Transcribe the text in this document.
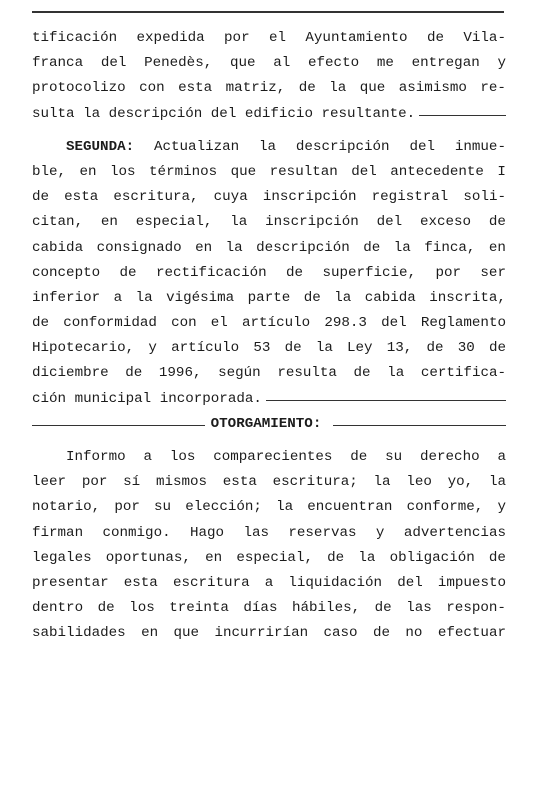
tificación expedida por el Ayuntamiento de Vila-
franca del Penedès, que al efecto me entregan y
protocolizo con esta matriz, de la que asimismo re-
sulta la descripción del edificio resultante.
SEGUNDA: Actualizan la descripción del inmue-
ble, en los términos que resultan del antecedente I
de esta escritura, cuya inscripción registral soli-
citan, en especial, la inscripción del exceso de
cabida consignado en la descripción de la finca, en
concepto de rectificación de superficie, por ser
inferior a la vigésima parte de la cabida inscrita,
de conformidad con el artículo 298.3 del Reglamento
Hipotecario, y artículo 53 de la Ley 13, de 30 de
diciembre de 1996, según resulta de la certifica-
ción municipal incorporada.
OTORGAMIENTO:
Informo a los comparecientes de su derecho a
leer por sí mismos esta escritura; la leo yo, la
notario, por su elección; la encuentran conforme, y
firman conmigo. Hago las reservas y advertencias
legales oportunas, en especial, de la obligación de
presentar esta escritura a liquidación del impuesto
dentro de los treinta días hábiles, de las respon-
sabilidades en que incurrirían caso de no efectuar
